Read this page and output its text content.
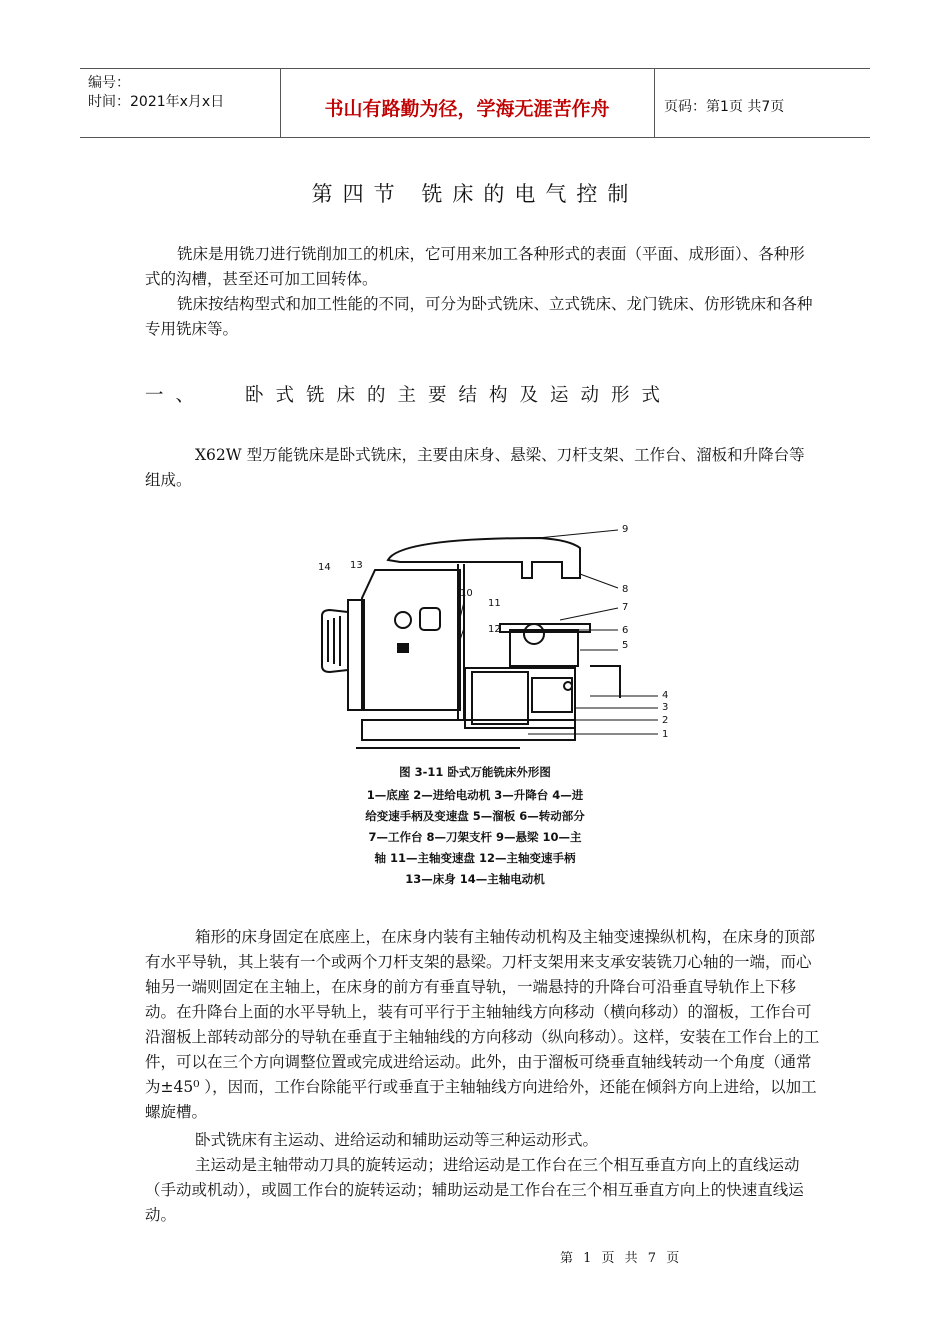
编号：
时间：2021年x月x日	书山有路勤为径，学海无涯苦作舟	页码：第1页 共7页
第四节 铣床的电气控制
铣床是用铣刀进行铣削加工的机床，它可用来加工各种形式的表面（平面、成形面）、各种形式的沟槽，甚至还可加工回转体。
铣床按结构型式和加工性能的不同，可分为卧式铣床、立式铣床、龙门铣床、仿形铣床和各种专用铣床等。
一、 卧式铣床的主要结构及运动形式
X62W 型万能铣床是卧式铣床，主要由床身、悬梁、刀杆支架、工作台、溜板和升降台等组成。
1
2
3
4
5
6
7
8
9
10
11
12
13
14
图 3-11 卧式万能铣床外形图
1—底座 2—进给电动机 3—升降台 4—进
给变速手柄及变速盘 5—溜板 6—转动部分
7—工作台 8—刀架支杆 9—悬梁 10—主
轴 11—主轴变速盘 12—主轴变速手柄
13—床身 14—主轴电动机
箱形的床身固定在底座上，在床身内装有主轴传动机构及主轴变速操纵机构，在床身的顶部有水平导轨，其上装有一个或两个刀杆支架的悬梁。刀杆支架用来支承安装铣刀心轴的一端，而心轴另一端则固定在主轴上，在床身的前方有垂直导轨，一端悬持的升降台可沿垂直导轨作上下移动。在升降台上面的水平导轨上，装有可平行于主轴轴线方向移动（横向移动）的溜板，工作台可沿溜板上部转动部分的导轨在垂直于主轴轴线的方向移动（纵向移动）。这样，安装在工作台上的工件，可以在三个方向调整位置或完成进给运动。此外，由于溜板可绕垂直轴线转动一个角度（通常为±45⁰ ），因而，工作台除能平行或垂直于主轴轴线方向进给外，还能在倾斜方向上进给，以加工螺旋槽。
卧式铣床有主运动、进给运动和辅助运动等三种运动形式。
主运动是主轴带动刀具的旋转运动；进给运动是工作台在三个相互垂直方向上的直线运动（手动或机动），或圆工作台的旋转运动；辅助运动是工作台在三个相互垂直方向上的快速直线运动。
第 1 页 共 7 页
